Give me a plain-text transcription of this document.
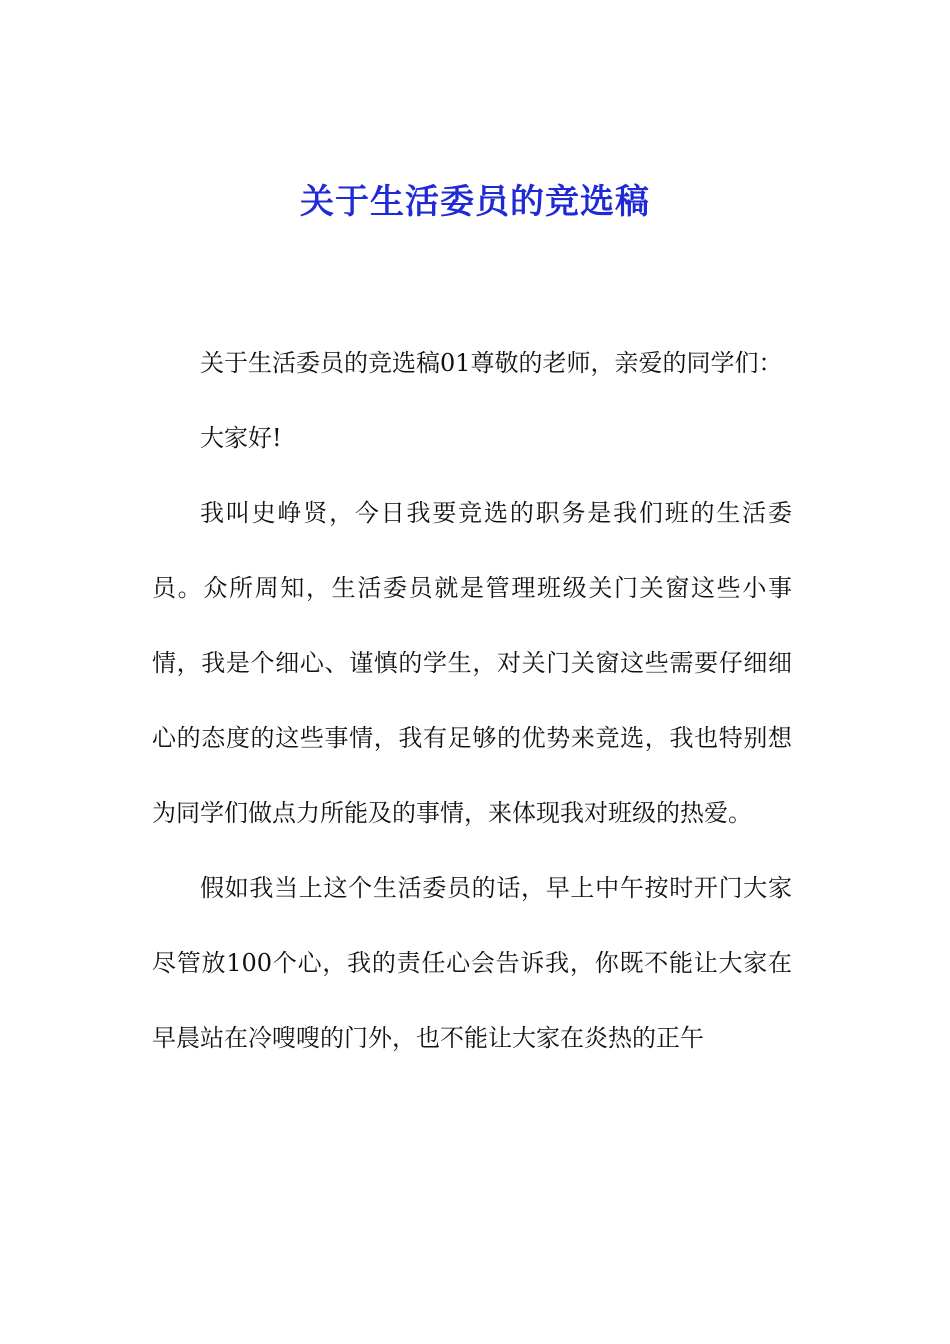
关于生活委员的竞选稿

关于生活委员的竞选稿01尊敬的老师，亲爱的同学们：

大家好!

我叫史峥贤，今日我要竞选的职务是我们班的生活委员。众所周知，生活委员就是管理班级关门关窗这些小事情，我是个细心、谨慎的学生，对关门关窗这些需要仔细细心的态度的这些事情，我有足够的优势来竞选，我也特别想为同学们做点力所能及的事情，来体现我对班级的热爱。

假如我当上这个生活委员的话，早上中午按时开门大家尽管放100个心，我的责任心会告诉我，你既不能让大家在早晨站在冷嗖嗖的门外，也不能让大家在炎热的正午
